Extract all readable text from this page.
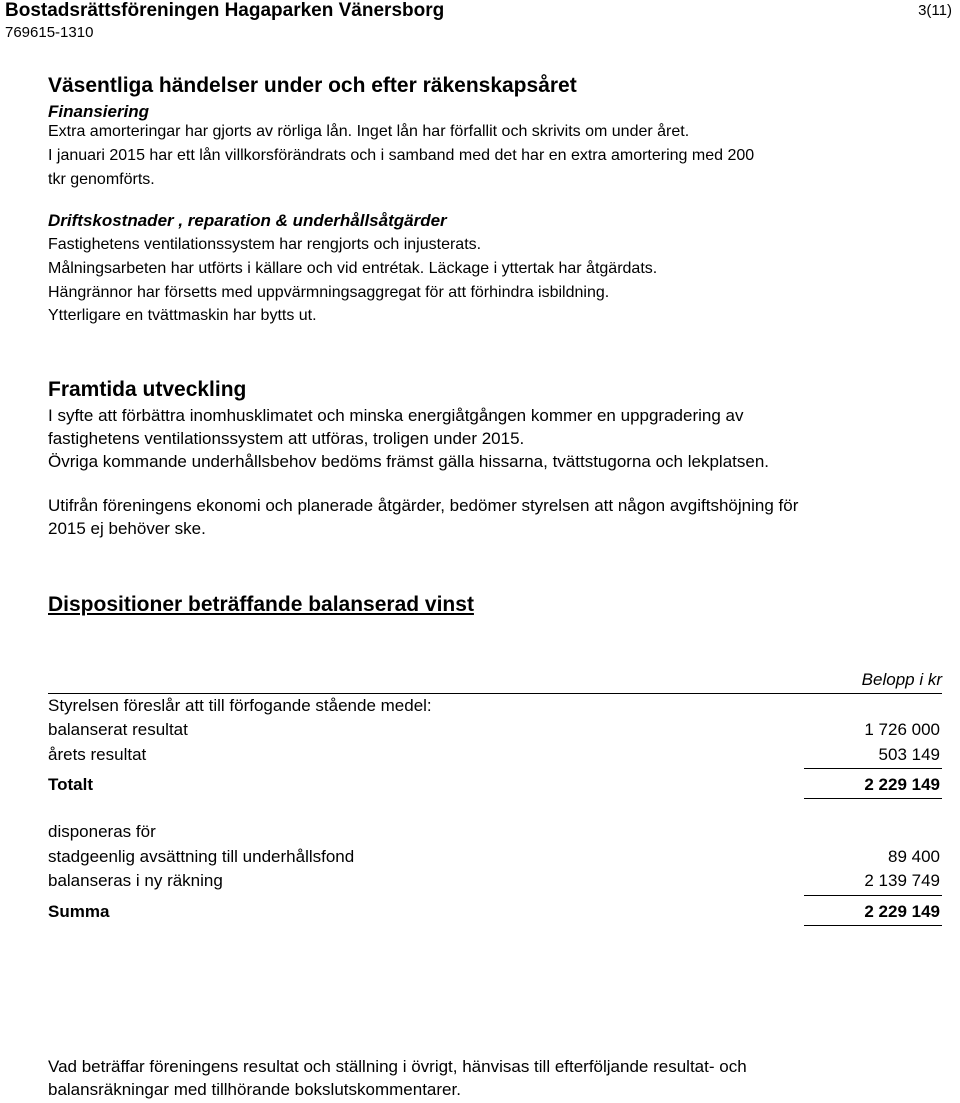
Bostadsrättsföreningen Hagaparken Vänersborg
769615-1310
3(11)
Väsentliga händelser under och efter räkenskapsåret
Finansiering
Extra amorteringar har gjorts av rörliga lån. Inget lån har förfallit och skrivits om under året.
I januari 2015 har ett lån villkorsförändrats och i samband med det har en extra amortering med 200
tkr genomförts.
Driftskostnader , reparation & underhållsåtgärder
Fastighetens ventilationssystem har rengjorts och injusterats.
Målningsarbeten har utförts i källare och vid entrétak. Läckage i yttertak har åtgärdats.
Hängrännor har försetts med uppvärmningsaggregat för att förhindra isbildning.
Ytterligare en tvättmaskin har bytts ut.
Framtida utveckling
I syfte att förbättra inomhusklimatet och minska energiåtgången kommer en uppgradering av
fastighetens ventilationssystem att utföras, troligen under 2015.
Övriga kommande underhållsbehov bedöms främst gälla hissarna, tvättstugorna och lekplatsen.
Utifrån föreningens ekonomi och planerade åtgärder, bedömer styrelsen att någon avgiftshöjning för
2015 ej behöver ske.
Dispositioner beträffande balanserad vinst
Belopp i kr
Styrelsen föreslår att till förfogande stående medel:
balanserat resultat	1 726 000
årets resultat	503 149
Totalt	2 229 149
disponeras för
stadgeenlig avsättning till underhållsfond	89 400
balanseras i ny räkning	2 139 749
Summa	2 229 149
Vad beträffar föreningens resultat och ställning i övrigt, hänvisas till efterföljande resultat- och
balansräkningar med tillhörande bokslutskommentarer.
